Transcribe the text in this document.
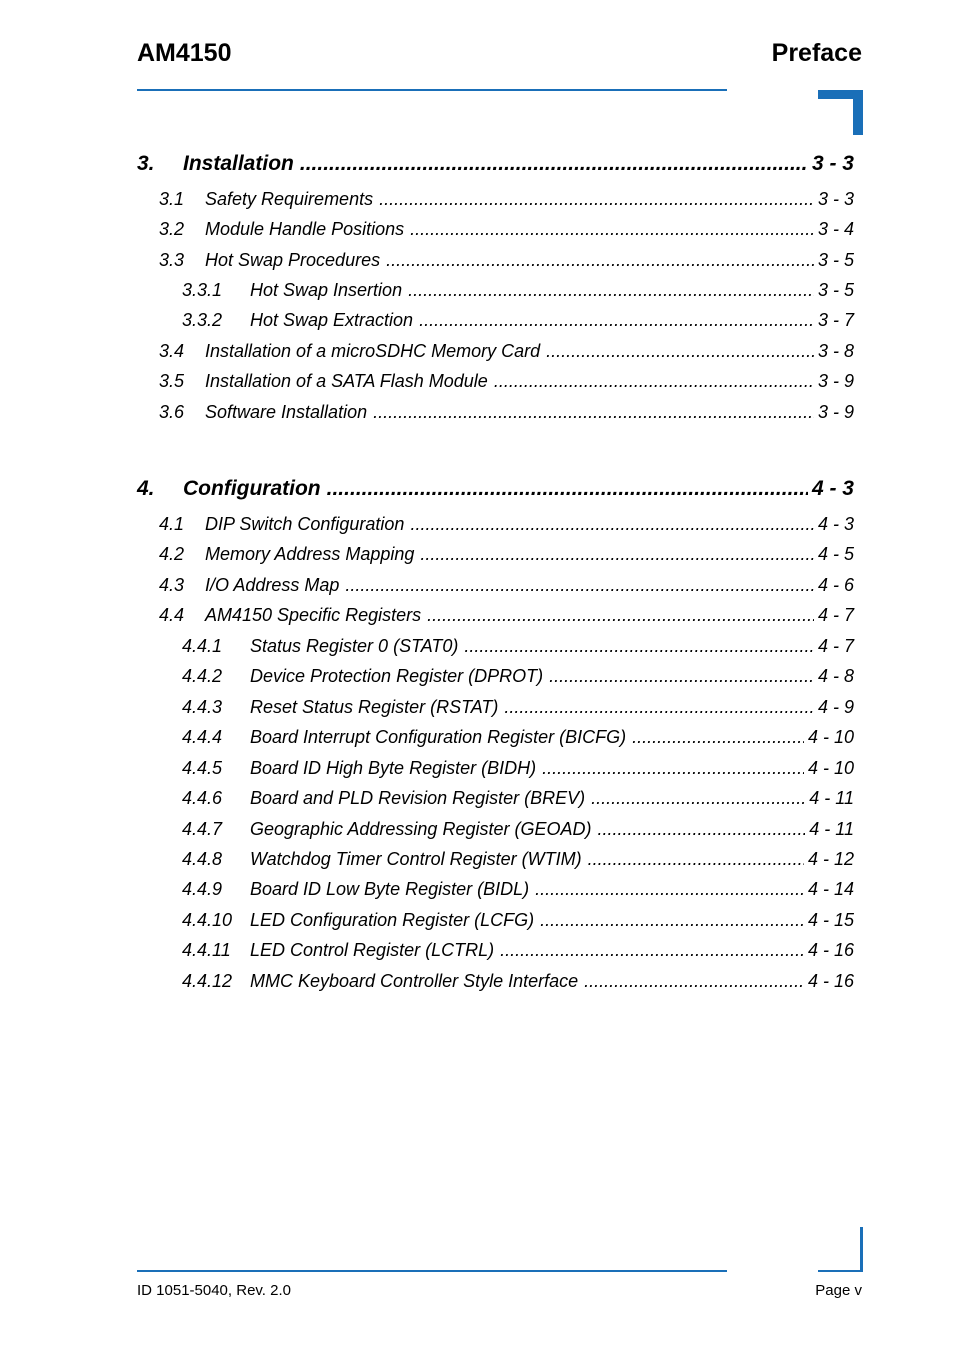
AM4150	Preface
3.	Installation .....	3 - 3
3.1	Safety Requirements .....	3 - 3
3.2	Module Handle Positions .....	3 - 4
3.3	Hot Swap Procedures .....	3 - 5
3.3.1	Hot Swap Insertion .....	3 - 5
3.3.2	Hot Swap Extraction .....	3 - 7
3.4	Installation of a microSDHC Memory Card .....	3 - 8
3.5	Installation of a SATA Flash Module .....	3 - 9
3.6	Software Installation .....	3 - 9
4.	Configuration .....	4 - 3
4.1	DIP Switch Configuration .....	4 - 3
4.2	Memory Address Mapping .....	4 - 5
4.3	I/O Address Map .....	4 - 6
4.4	AM4150 Specific Registers .....	4 - 7
4.4.1	Status Register 0 (STAT0) .....	4 - 7
4.4.2	Device Protection Register (DPROT) .....	4 - 8
4.4.3	Reset Status Register (RSTAT) .....	4 - 9
4.4.4	Board Interrupt Configuration Register (BICFG) .....	4 - 10
4.4.5	Board ID High Byte Register (BIDH) .....	4 - 10
4.4.6	Board and PLD Revision Register (BREV) .....	4 - 11
4.4.7	Geographic Addressing Register (GEOAD) .....	4 - 11
4.4.8	Watchdog Timer Control Register (WTIM) .....	4 - 12
4.4.9	Board ID Low Byte Register (BIDL) .....	4 - 14
4.4.10 LED Configuration Register (LCFG) .....	4 - 15
4.4.11	LED Control Register (LCTRL) .....	4 - 16
4.4.12 MMC Keyboard Controller Style Interface .....	4 - 16
ID 1051-5040, Rev. 2.0	Page v
